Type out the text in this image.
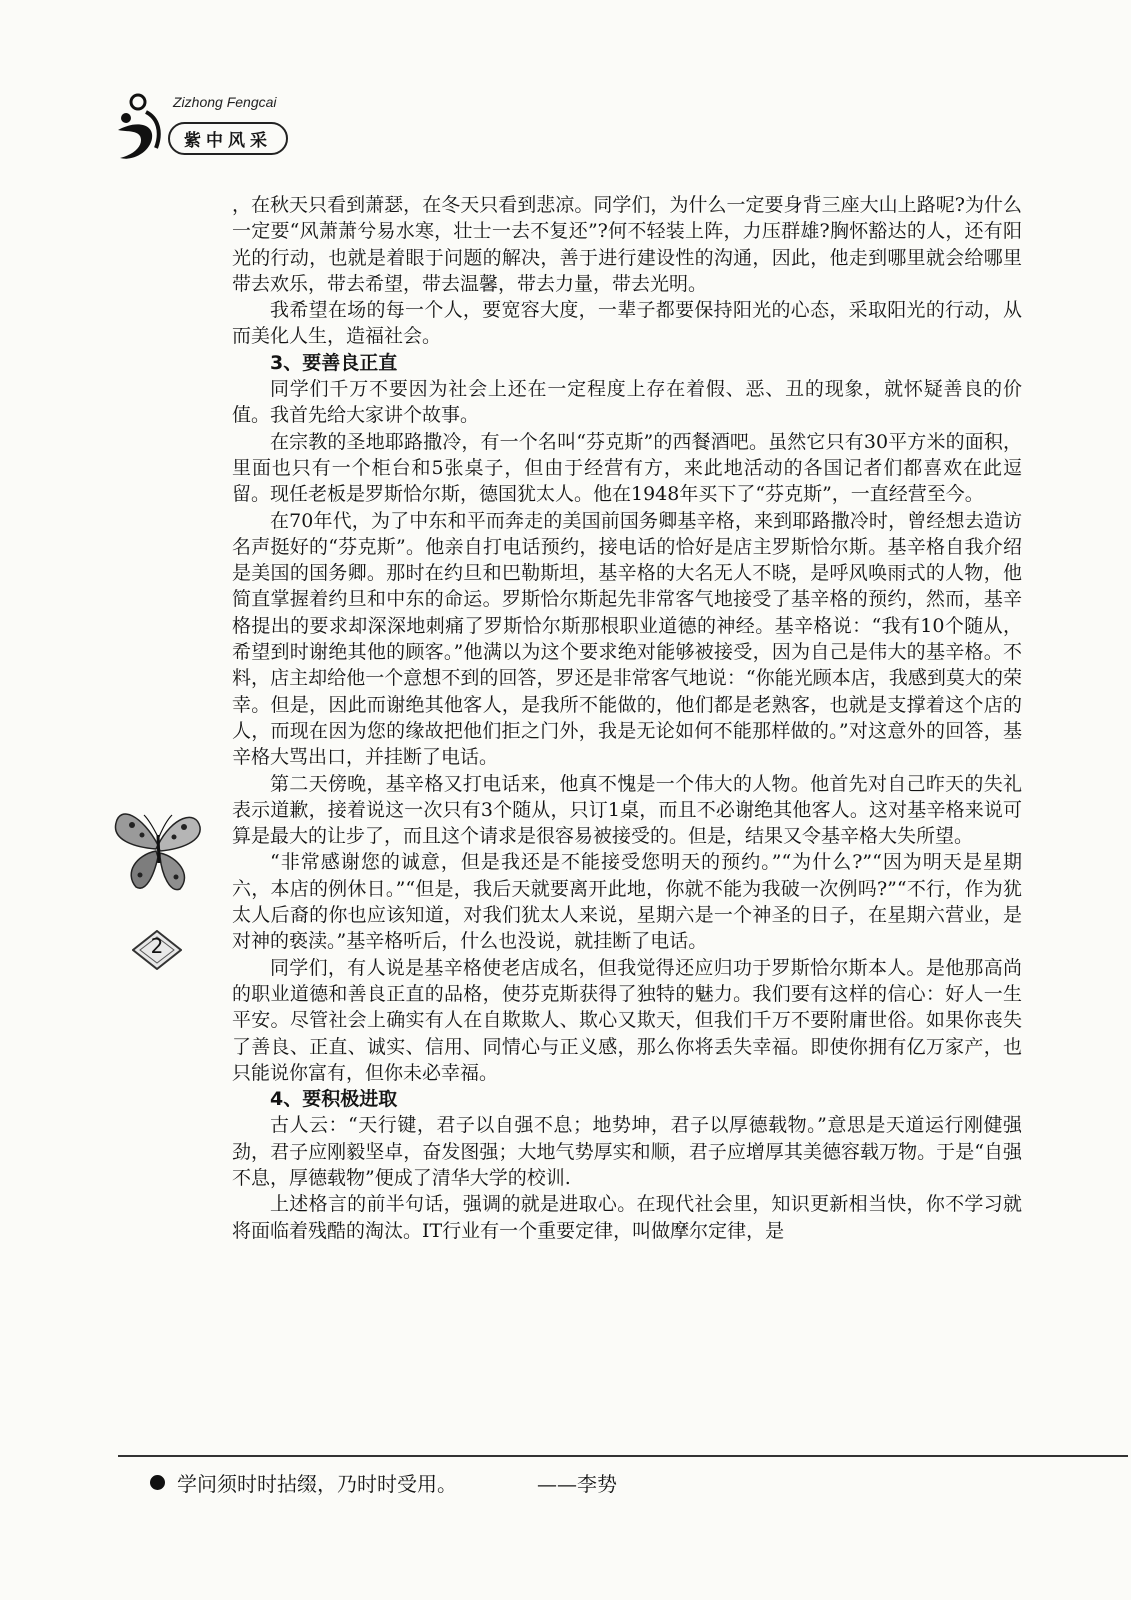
Zizhong Fengcai
紫中风采
2

，在秋天只看到萧瑟，在冬天只看到悲凉。同学们，为什么一定要身背三座大山上路呢?为什么一定要“风萧萧兮易水寒，壮士一去不复还”?何不轻装上阵，力压群雄?胸怀豁达的人，还有阳光的行动，也就是着眼于问题的解决，善于进行建设性的沟通，因此，他走到哪里就会给哪里带去欢乐，带去希望，带去温馨，带去力量，带去光明。

我希望在场的每一个人，要宽容大度，一辈子都要保持阳光的心态，采取阳光的行动，从而美化人生，造福社会。

3、要善良正直

同学们千万不要因为社会上还在一定程度上存在着假、恶、丑的现象，就怀疑善良的价值。我首先给大家讲个故事。

在宗教的圣地耶路撒冷，有一个名叫“芬克斯”的西餐酒吧。虽然它只有30平方米的面积，里面也只有一个柜台和5张桌子，但由于经营有方，来此地活动的各国记者们都喜欢在此逗留。现任老板是罗斯恰尔斯，德国犹太人。他在1948年买下了“芬克斯”，一直经营至今。

在70年代，为了中东和平而奔走的美国前国务卿基辛格，来到耶路撒冷时，曾经想去造访名声挺好的“芬克斯”。他亲自打电话预约，接电话的恰好是店主罗斯恰尔斯。基辛格自我介绍是美国的国务卿。那时在约旦和巴勒斯坦，基辛格的大名无人不晓，是呼风唤雨式的人物，他简直掌握着约旦和中东的命运。罗斯恰尔斯起先非常客气地接受了基辛格的预约，然而，基辛格提出的要求却深深地刺痛了罗斯恰尔斯那根职业道德的神经。基辛格说：“我有10个随从，希望到时谢绝其他的顾客。”他满以为这个要求绝对能够被接受，因为自己是伟大的基辛格。不料，店主却给他一个意想不到的回答，罗还是非常客气地说：“你能光顾本店，我感到莫大的荣幸。但是，因此而谢绝其他客人，是我所不能做的，他们都是老熟客，也就是支撑着这个店的人，而现在因为您的缘故把他们拒之门外，我是无论如何不能那样做的。”对这意外的回答，基辛格大骂出口，并挂断了电话。

第二天傍晚，基辛格又打电话来，他真不愧是一个伟大的人物。他首先对自己昨天的失礼表示道歉，接着说这一次只有3个随从，只订1桌，而且不必谢绝其他客人。这对基辛格来说可算是最大的让步了，而且这个请求是很容易被接受的。但是，结果又令基辛格大失所望。

“非常感谢您的诚意，但是我还是不能接受您明天的预约。”“为什么?”“因为明天是星期六，本店的例休日。”“但是，我后天就要离开此地，你就不能为我破一次例吗?”“不行，作为犹太人后裔的你也应该知道，对我们犹太人来说，星期六是一个神圣的日子，在星期六营业，是对神的亵渎。”基辛格听后，什么也没说，就挂断了电话。

同学们，有人说是基辛格使老店成名，但我觉得还应归功于罗斯恰尔斯本人。是他那高尚的职业道德和善良正直的品格，使芬克斯获得了独特的魅力。我们要有这样的信心：好人一生平安。尽管社会上确实有人在自欺欺人、欺心又欺天，但我们千万不要附庸世俗。如果你丧失了善良、正直、诚实、信用、同情心与正义感，那么你将丢失幸福。即使你拥有亿万家产，也只能说你富有，但你未必幸福。

4、要积极进取

古人云：“天行键，君子以自强不息；地势坤，君子以厚德载物。”意思是天道运行刚健强劲，君子应刚毅坚卓，奋发图强；大地气势厚实和顺，君子应增厚其美德容载万物。于是“自强不息，厚德载物”便成了清华大学的校训.

上述格言的前半句话，强调的就是进取心。在现代社会里，知识更新相当快，你不学习就将面临着残酷的淘汰。IT行业有一个重要定律，叫做摩尔定律，是

学问须时时拈缀，乃时时受用。	——李势
